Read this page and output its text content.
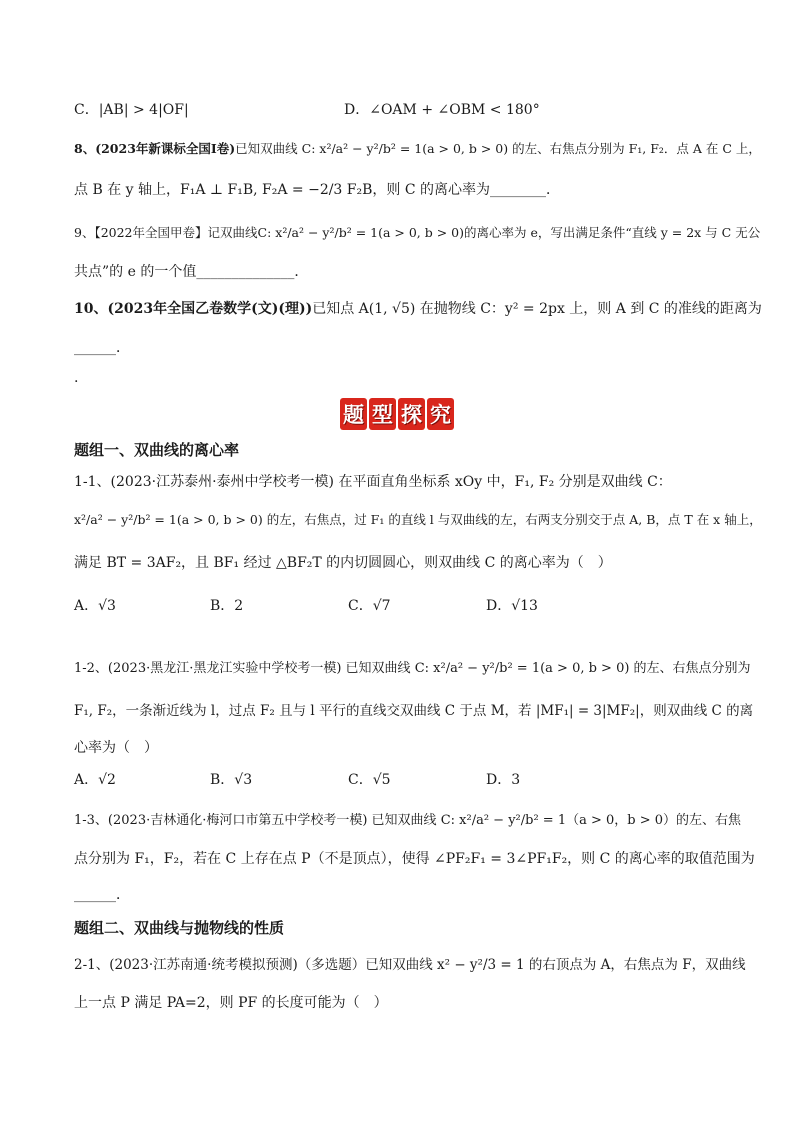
C．|AB| > 4|OF|	D．∠OAM + ∠OBM < 180°
8、(2023年新课标全国Ⅰ卷)已知双曲线 C: x²/a² − y²/b² = 1(a > 0, b > 0) 的左、右焦点分别为 F₁, F₂．点 A 在 C 上，
点 B 在 y 轴上，F₁A ⊥ F₁B, F₂A = −2/3 F₂B，则 C 的离心率为________．
9、【2022年全国甲卷】记双曲线C: x²/a² − y²/b² = 1(a > 0, b > 0)的离心率为 e，写出满足条件“直线 y = 2x 与 C 无公
共点”的 e 的一个值______________．
10、(2023年全国乙卷数学(文)(理))已知点 A(1, √5) 在抛物线 C：y² = 2px 上，则 A 到 C 的准线的距离为
______．
.
题 型 探 究
题组一、双曲线的离心率
1-1、(2023·江苏泰州·泰州中学校考一模) 在平面直角坐标系 xOy 中，F₁, F₂ 分别是双曲线 C：
x²/a² − y²/b² = 1(a > 0, b > 0) 的左，右焦点，过 F₁ 的直线 l 与双曲线的左，右两支分别交于点 A, B，点 T 在 x 轴上，
满足 BT = 3AF₂，且 BF₁ 经过 △BF₂T 的内切圆圆心，则双曲线 C 的离心率为（　）
A．√3	B．2	C．√7	D．√13
1-2、(2023·黑龙江·黑龙江实验中学校考一模) 已知双曲线 C: x²/a² − y²/b² = 1(a > 0, b > 0) 的左、右焦点分别为
F₁, F₂，一条渐近线为 l，过点 F₂ 且与 l 平行的直线交双曲线 C 于点 M，若 |MF₁| = 3|MF₂|，则双曲线 C 的离
心率为（　）
A．√2	B．√3	C．√5	D．3
1-3、(2023·吉林通化·梅河口市第五中学校考一模) 已知双曲线 C: x²/a² − y²/b² = 1（a > 0，b > 0）的左、右焦
点分别为 F₁，F₂，若在 C 上存在点 P（不是顶点），使得 ∠PF₂F₁ = 3∠PF₁F₂，则 C 的离心率的取值范围为
______．
题组二、双曲线与抛物线的性质
2-1、(2023·江苏南通·统考模拟预测)（多选题）已知双曲线 x² − y²/3 = 1 的右顶点为 A，右焦点为 F，双曲线
上一点 P 满足 PA=2，则 PF 的长度可能为（　）
